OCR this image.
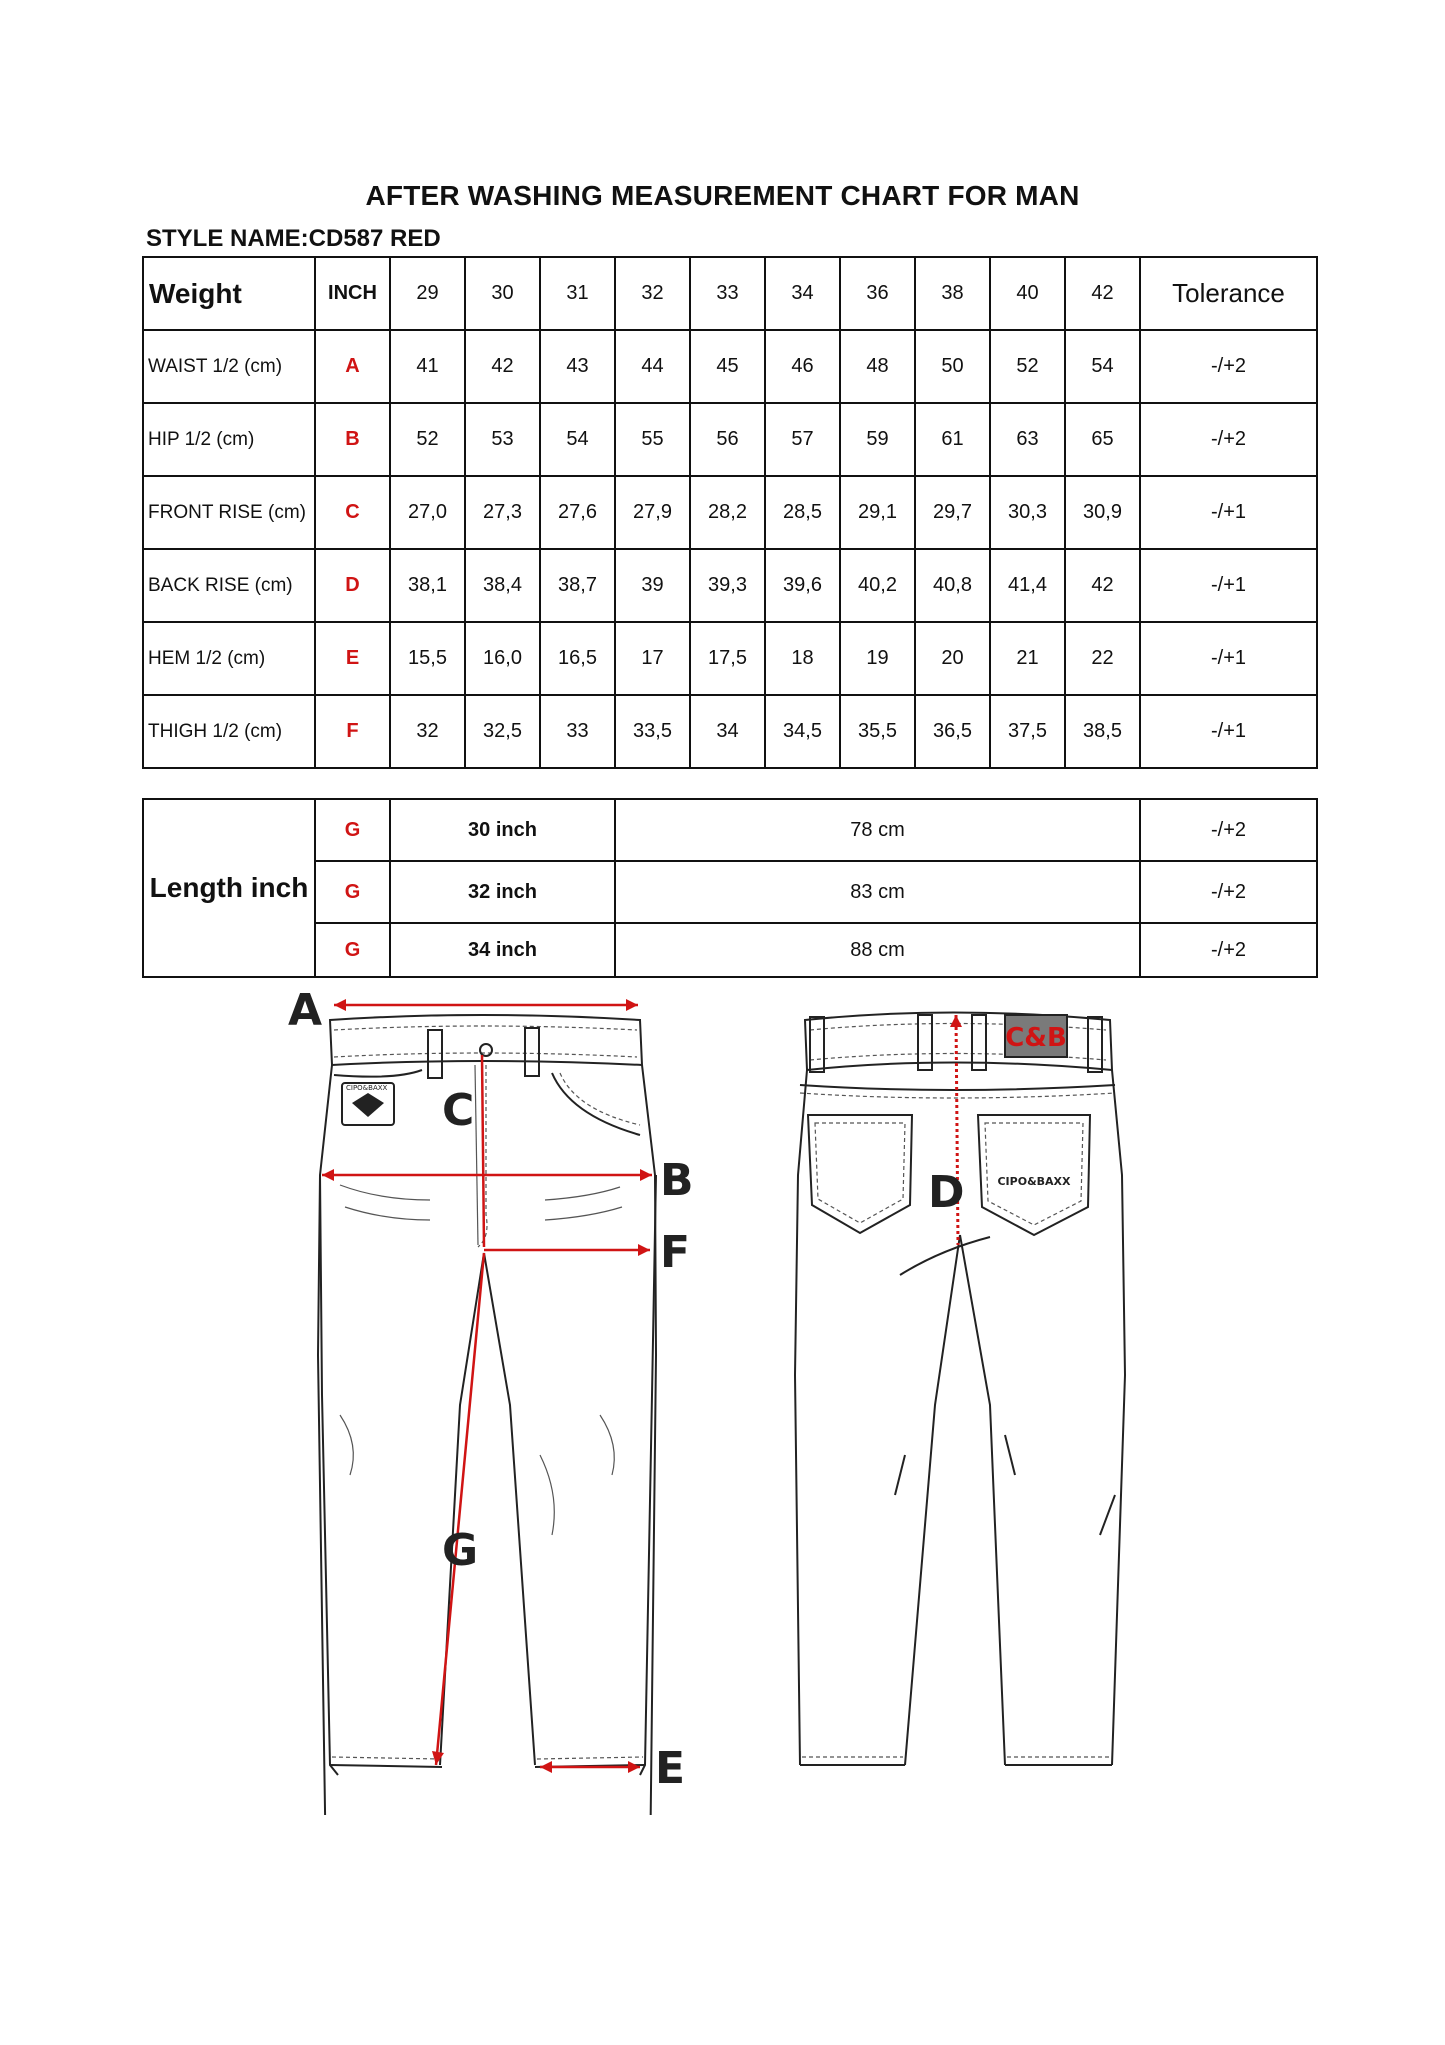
AFTER WASHING MEASUREMENT CHART FOR MAN
STYLE NAME:CD587 RED
Weight	INCH	29	30	31	32	33	34	36	38	40	42	Tolerance
WAIST 1/2 (cm)	A	41	42	43	44	45	46	48	50	52	54	-/+2
HIP 1/2 (cm)	B	52	53	54	55	56	57	59	61	63	65	-/+2
FRONT RISE (cm)	C	27,0	27,3	27,6	27,9	28,2	28,5	29,1	29,7	30,3	30,9	-/+1
BACK RISE (cm)	D	38,1	38,4	38,7	39	39,3	39,6	40,2	40,8	41,4	42	-/+1
HEM 1/2 (cm)	E	15,5	16,0	16,5	17	17,5	18	19	20	21	22	-/+1
THIGH 1/2 (cm)	F	32	32,5	33	33,5	34	34,5	35,5	36,5	37,5	38,5	-/+1
Length inch	G	30 inch	78 cm	-/+2
	G	32 inch	83 cm	-/+2
	G	34 inch	88 cm	-/+2
CIPO&BAXX
A
C
B
F
G
E
C&B
CIPO&BAXX
D
